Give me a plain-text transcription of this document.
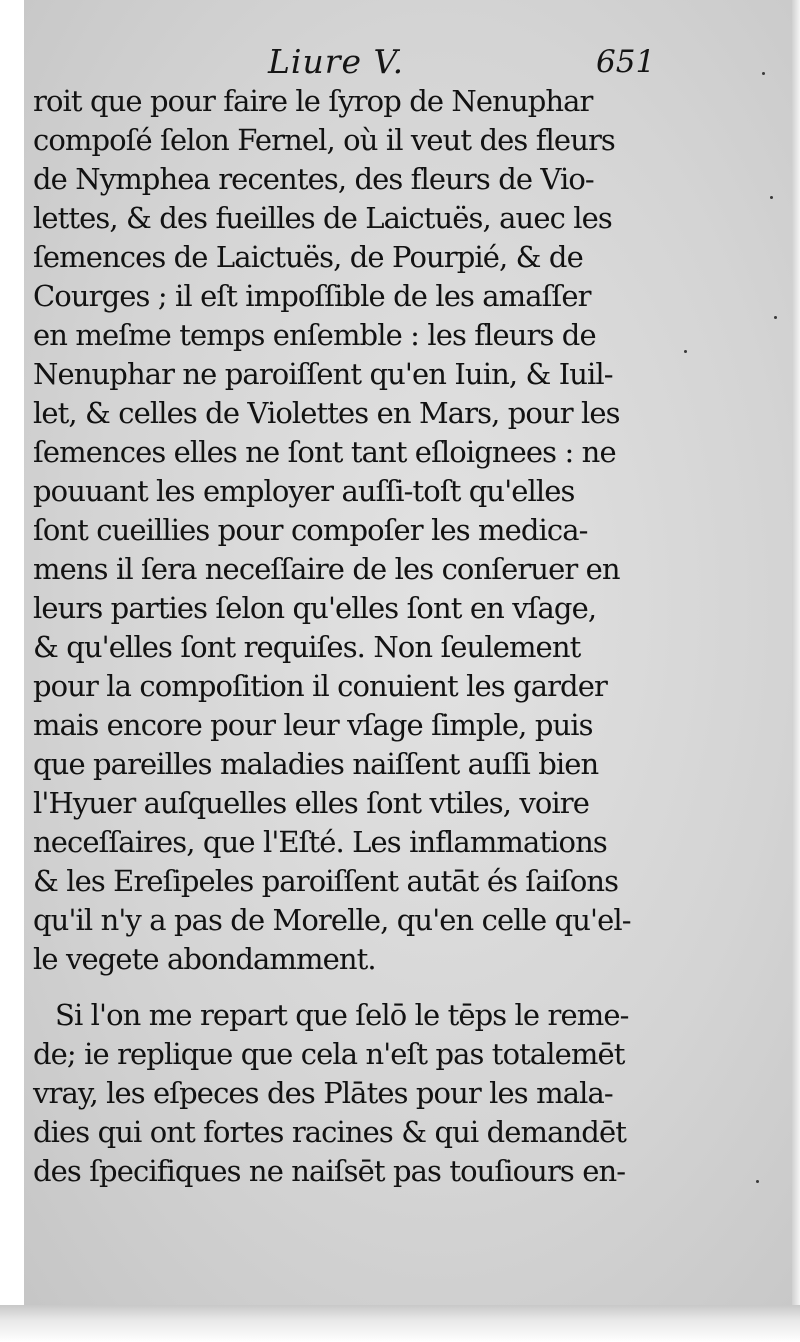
Liure V.	651
roit que pour faire le ſyrop de Nenuphar
compoſé ſelon Fernel, où il veut des fleurs
de Nymphea recentes, des fleurs de Vio-
lettes, & des fueilles de Laictuës, auec les
ſemences de Laictuës, de Pourpié, & de
Courges ; il eſt impoſſible de les amaſſer
en meſme temps enſemble : les fleurs de
Nenuphar ne paroiſſent qu'en Iuin, & Iuil-
let, & celles de Violettes en Mars, pour les
ſemences elles ne ſont tant eſloignees : ne
pouuant les employer auſſi-toſt qu'elles
ſont cueillies pour compoſer les medica-
mens il ſera neceſſaire de les conſeruer en
leurs parties ſelon qu'elles ſont en vſage,
& qu'elles ſont requiſes. Non ſeulement
pour la compoſition il conuient les garder
mais encore pour leur vſage ſimple, puis
que pareilles maladies naiſſent auſſi bien
l'Hyuer auſquelles elles ſont vtiles, voire
neceſſaires, que l'Eſté. Les inflammations
& les Ereſipeles paroiſſent autāt és ſaiſons
qu'il n'y a pas de Morelle, qu'en celle qu'el-
le vegete abondamment.
Si l'on me repart que ſelō le tēps le reme-
de; ie replique que cela n'eſt pas totalemēt
vray, les eſpeces des Plātes pour les mala-
dies qui ont fortes racines & qui demandēt
des ſpecifiques ne naiſsēt pas touſiours en-
